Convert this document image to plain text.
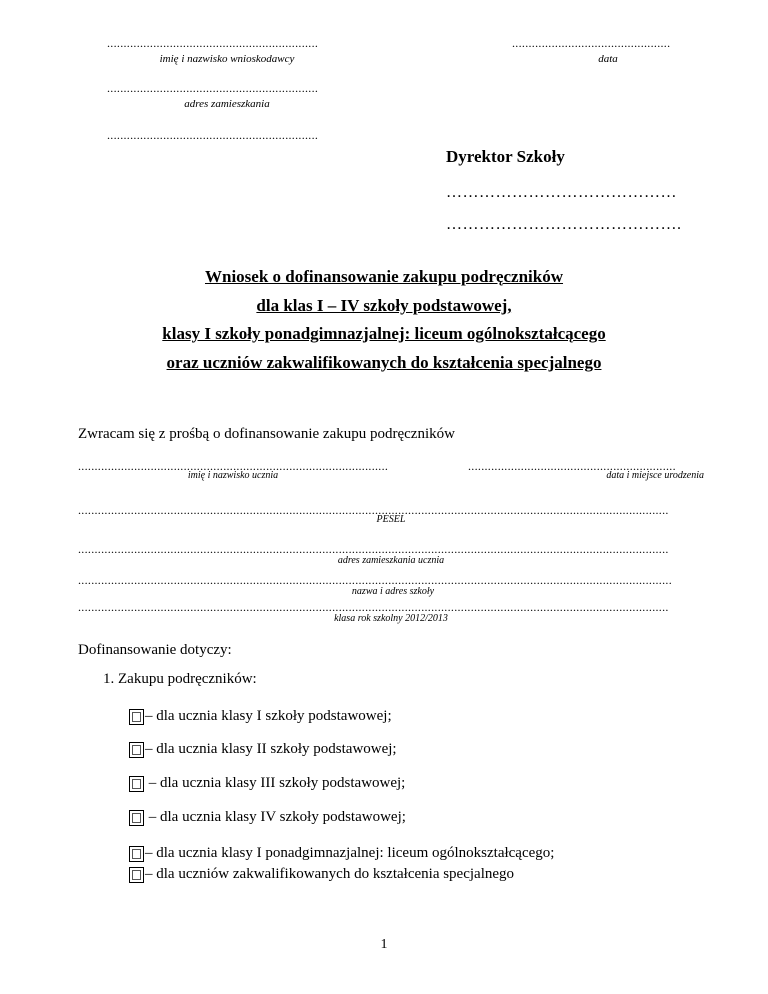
................................................................
imię i nazwisko wnioskodawcy
................................................
data
................................................................
adres zamieszkania
................................................................
Dyrektor Szkoły
……………………………………
…………………………………….
Wniosek o dofinansowanie zakupu podręczników
dla klas I – IV szkoły podstawowej,
klasy I szkoły ponadgimnazjalnej: liceum ogólnokształcącego
oraz uczniów zakwalifikowanych do kształcenia specjalnego
Zwracam się z prośbą o dofinansowanie zakupu podręczników
..............................................................................................
imię i nazwisko ucznia
...............................................................
data i miejsce urodzenia
...................................................................................................................................................................................
PESEL
...................................................................................................................................................................................
adres zamieszkania ucznia
....................................................................................................................................................................................
nazwa i adres szkoły
...................................................................................................................................................................................
klasa rok szkolny 2012/2013
Dofinansowanie dotyczy:
1. Zakupu podręczników:
– dla ucznia klasy I szkoły podstawowej;
– dla ucznia klasy II szkoły podstawowej;
– dla ucznia klasy III szkoły podstawowej;
– dla ucznia klasy IV szkoły podstawowej;
– dla ucznia klasy I ponadgimnazjalnej: liceum ogólnokształcącego;
– dla uczniów zakwalifikowanych do kształcenia specjalnego
1
